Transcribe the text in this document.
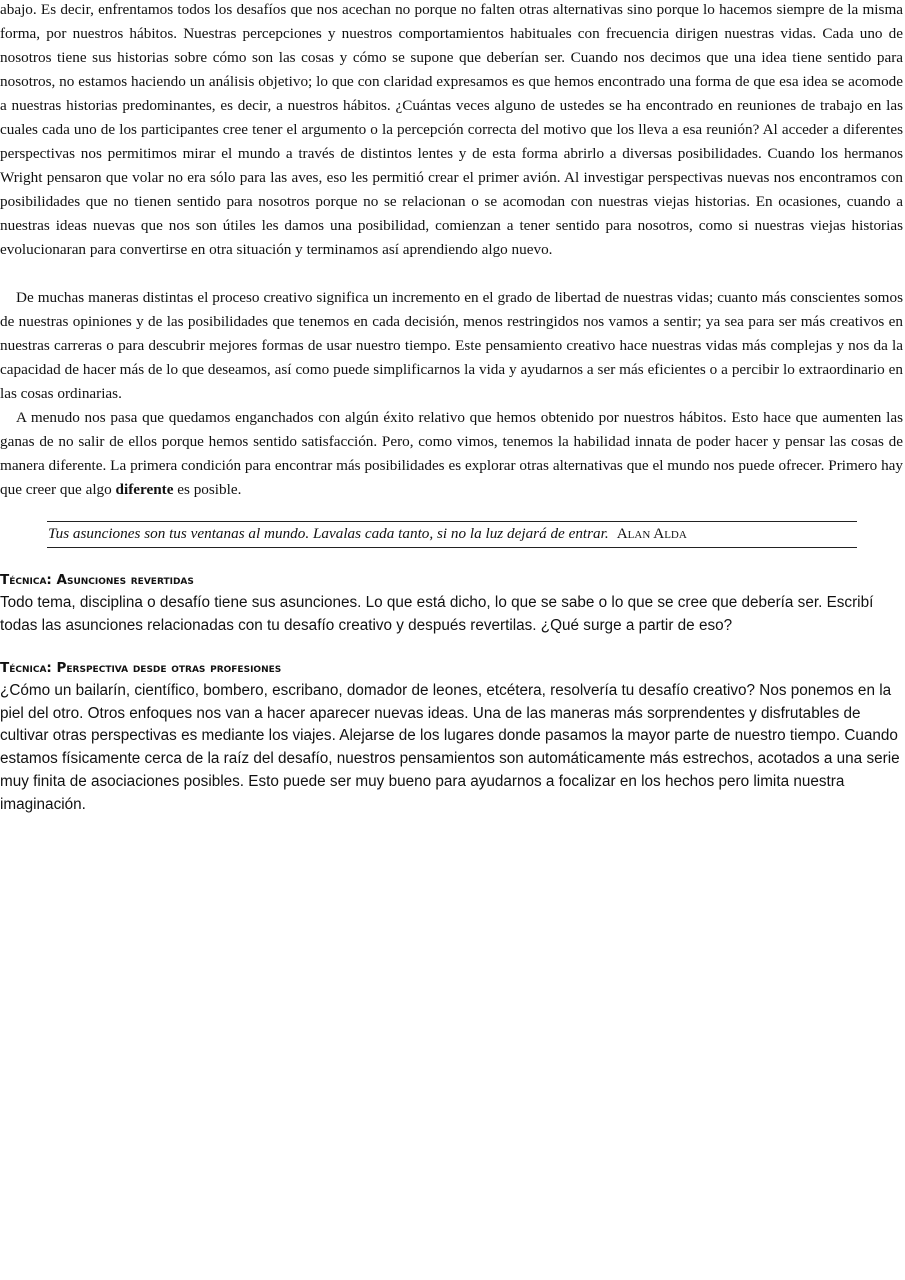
abajo. Es decir, enfrentamos todos los desafíos que nos acechan no porque no falten otras alternativas sino porque lo hacemos siempre de la misma forma, por nuestros hábitos. Nuestras percepciones y nuestros comportamientos habituales con frecuencia dirigen nuestras vidas. Cada uno de nosotros tiene sus historias sobre cómo son las cosas y cómo se supone que deberían ser. Cuando nos decimos que una idea tiene sentido para nosotros, no estamos haciendo un análisis objetivo; lo que con claridad expresamos es que hemos encontrado una forma de que esa idea se acomode a nuestras historias predominantes, es decir, a nuestros hábitos. ¿Cuántas veces alguno de ustedes se ha encontrado en reuniones de trabajo en las cuales cada uno de los participantes cree tener el argumento o la percepción correcta del motivo que los lleva a esa reunión? Al acceder a diferentes perspectivas nos permitimos mirar el mundo a través de distintos lentes y de esta forma abrirlo a diversas posibilidades. Cuando los hermanos Wright pensaron que volar no era sólo para las aves, eso les permitió crear el primer avión. Al investigar perspectivas nuevas nos encontramos con posibilidades que no tienen sentido para nosotros porque no se relacionan o se acomodan con nuestras viejas historias. En ocasiones, cuando a nuestras ideas nuevas que nos son útiles les damos una posibilidad, comienzan a tener sentido para nosotros, como si nuestras viejas historias evolucionaran para convertirse en otra situación y terminamos así aprendiendo algo nuevo.

De muchas maneras distintas el proceso creativo significa un incremento en el grado de libertad de nuestras vidas; cuanto más conscientes somos de nuestras opiniones y de las posibilidades que tenemos en cada decisión, menos restringidos nos vamos a sentir; ya sea para ser más creativos en nuestras carreras o para descubrir mejores formas de usar nuestro tiempo. Este pensamiento creativo hace nuestras vidas más complejas y nos da la capacidad de hacer más de lo que deseamos, así como puede simplificarnos la vida y ayudarnos a ser más eficientes o a percibir lo extraordinario en las cosas ordinarias.

A menudo nos pasa que quedamos enganchados con algún éxito relativo que hemos obtenido por nuestros hábitos. Esto hace que aumenten las ganas de no salir de ellos porque hemos sentido satisfacción. Pero, como vimos, tenemos la habilidad innata de poder hacer y pensar las cosas de manera diferente. La primera condición para encontrar más posibilidades es explorar otras alternativas que el mundo nos puede ofrecer. Primero hay que creer que algo diferente es posible.

Tus asunciones son tus ventanas al mundo. Lavalas cada tanto, si no la luz dejará de entrar. Alan Alda
Técnica: Asunciones revertidas

Todo tema, disciplina o desafío tiene sus asunciones. Lo que está dicho, lo que se sabe o lo que se cree que debería ser. Escribí todas las asunciones relacionadas con tu desafío creativo y después revertilas. ¿Qué surge a partir de eso?

Técnica: Perspectiva desde otras profesiones

¿Cómo un bailarín, científico, bombero, escribano, domador de leones, etcétera, resolvería tu desafío creativo? Nos ponemos en la piel del otro. Otros enfoques nos van a hacer aparecer nuevas ideas. Una de las maneras más sorprendentes y disfrutables de cultivar otras perspectivas es mediante los viajes. Alejarse de los lugares donde pasamos la mayor parte de nuestro tiempo. Cuando estamos físicamente cerca de la raíz del desafío, nuestros pensamientos son automáticamente más estrechos, acotados a una serie muy finita de asociaciones posibles. Esto puede ser muy bueno para ayudarnos a focalizar en los hechos pero limita nuestra imaginación.
